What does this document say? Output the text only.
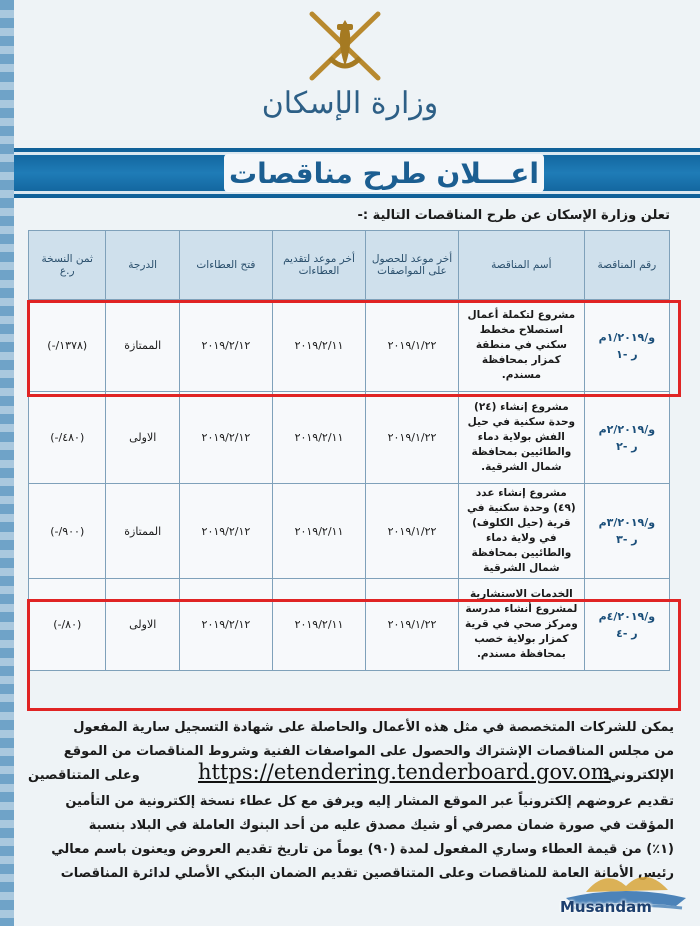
وزارة الإسكان
اعـــلان طرح مناقصات
تعلن وزارة الإسكان عن طرح المناقصات التالية :-
رقم المناقصة	أسم المناقصة	أخر موعد للحصول على المواصفات	أخر موعد لتقديم العطاءات	فتح العطاءات	الدرجة	ثمن النسخة ر.ع
و/١/٢٠١٩م
ر -١	مشروع لتكملة أعمال استصلاح مخطط سكني في منطقة كمزار بمحافظة مسندم.	٢٠١٩/١/٢٢	٢٠١٩/٢/١١	٢٠١٩/٢/١٢	الممتازة	(١٣٧٨/-)
و/٢/٢٠١٩م
ر -٢	مشروع إنشاء (٢٤) وحدة سكنية في حيل الفش بولاية دماء والطائيين بمحافظة شمال الشرقية.	٢٠١٩/١/٢٢	٢٠١٩/٢/١١	٢٠١٩/٢/١٢	الاولى	(٤٨٠/-)
و/٣/٢٠١٩م
ر -٣	مشروع إنشاء عدد (٤٩) وحدة سكنية في قرية (حيل الكلوف) في ولاية دماء والطائيين بمحافظة شمال الشرقية	٢٠١٩/١/٢٢	٢٠١٩/٢/١١	٢٠١٩/٢/١٢	الممتازة	(٩٠٠/-)
و/٤/٢٠١٩م
ر -٤	الخدمات الاستشارية لمشروع أنشاء مدرسة ومركز صحي في قرية كمزار بولاية خصب بمحافظة مسندم.	٢٠١٩/١/٢٢	٢٠١٩/٢/١١	٢٠١٩/٢/١٢	الاولى	(٨٠/-)

يمكن للشركات المتخصصة في مثل هذه الأعمال والحاصلة على شهادة التسجيل سارية المفعول

من مجلس المناقصات الإشتراك والحصول على المواصفات الفنية وشروط المناقصات من الموقع

الإلكتروني:
https://etendering.tenderboard.gov.om
وعلى المتناقصين

تقديم عروضهم إلكترونياً عبر الموقع المشار إليه ويرفق مع كل عطاء نسخة إلكترونية من التأمين

المؤقت في صورة ضمان مصرفي أو شيك مصدق عليه من أحد البنوك العاملة في البلاد بنسبة

(١٪) من قيمة العطاء وساري المفعول لمدة (٩٠) يوماً من تاريخ تقديم العروض ويعنون باسم معالي

رئيس الأمانة العامة للمناقصات وعلى المتناقصين تقديم الضمان البنكي الأصلي لدائرة المناقصات

Musandam
